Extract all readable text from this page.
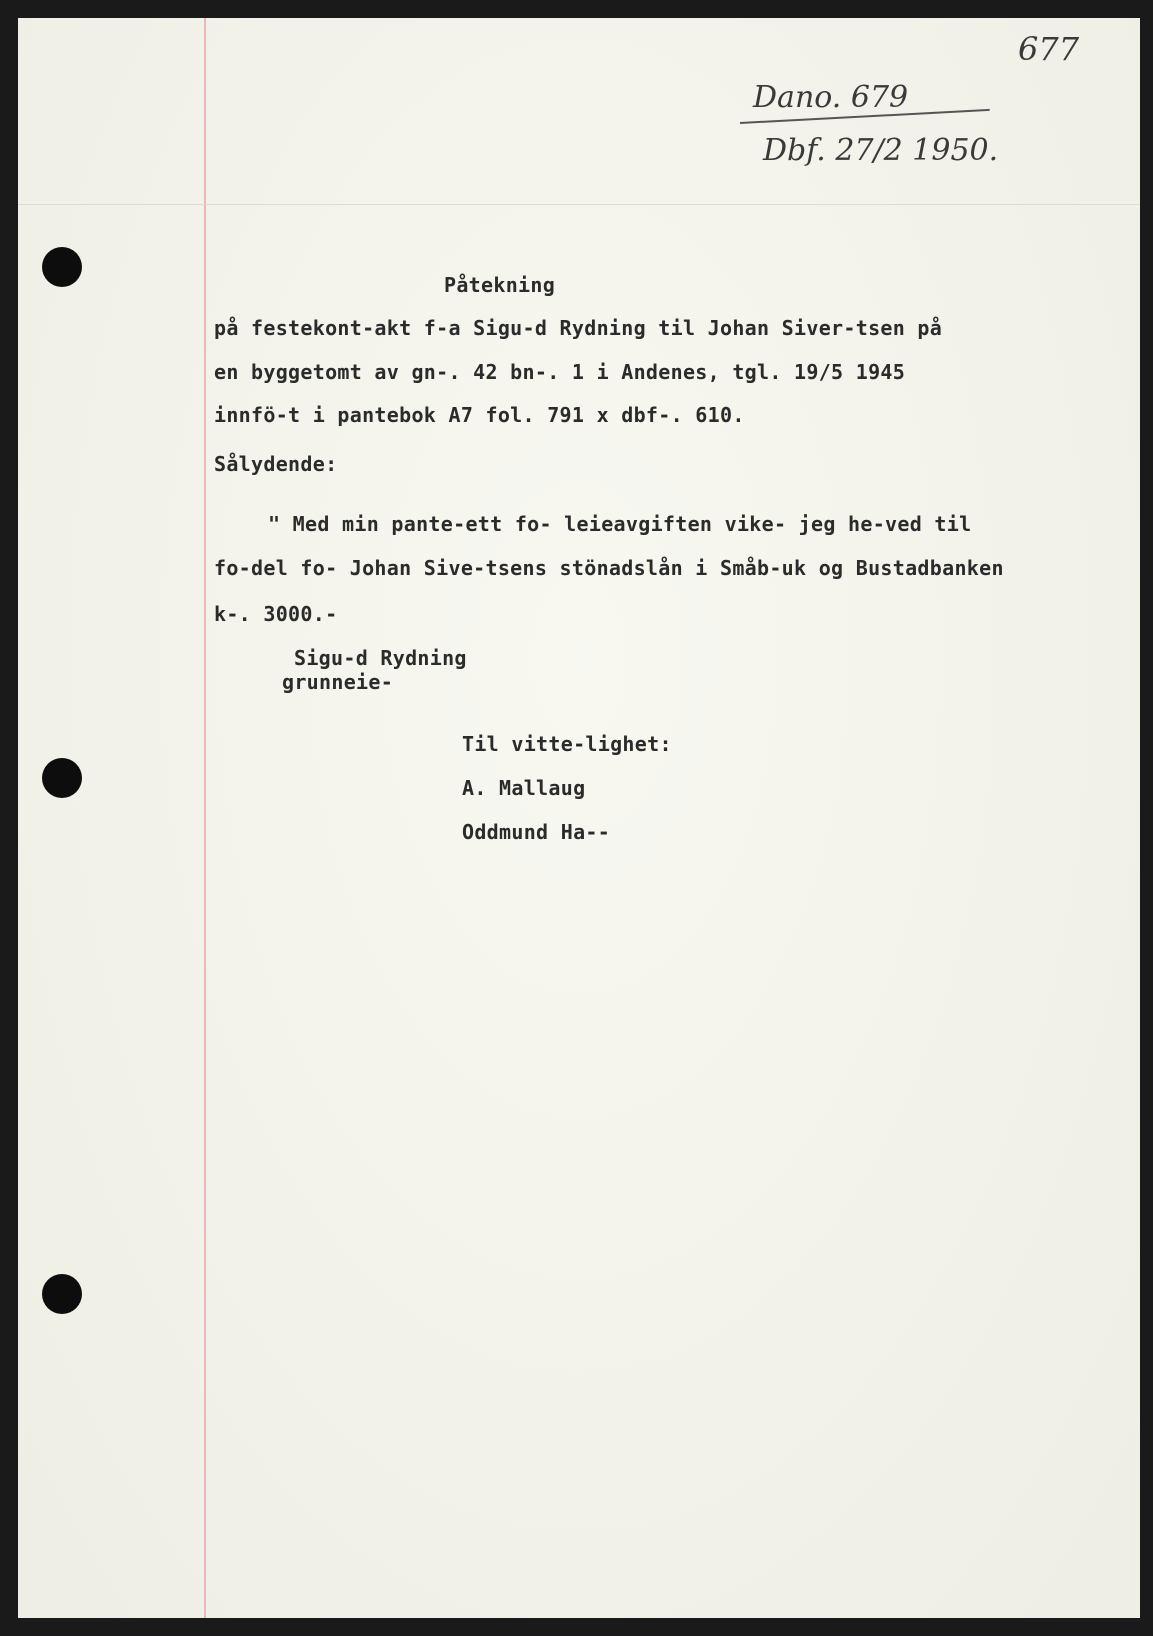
677
Dano. 679
Dbf. 27/2 1950.
Påtekning
på festekont-akt f-a Sigu-d Rydning til Johan Siver-tsen på
en byggetomt av gn-. 42 bn-. 1 i Andenes, tgl. 19/5 1945
innfö-t i pantebok A7 fol. 791 x dbf-. 610.
Sålydende:
" Med min pante-ett fo- leieavgiften vike- jeg he-ved til
fo-del fo- Johan Sive-tsens stönadslån i Småb-uk og Bustadbanken
k-. 3000.-
Sigu-d Rydning
grunneie-
Til vitte-lighet:
A. Mallaug
Oddmund Ha--
